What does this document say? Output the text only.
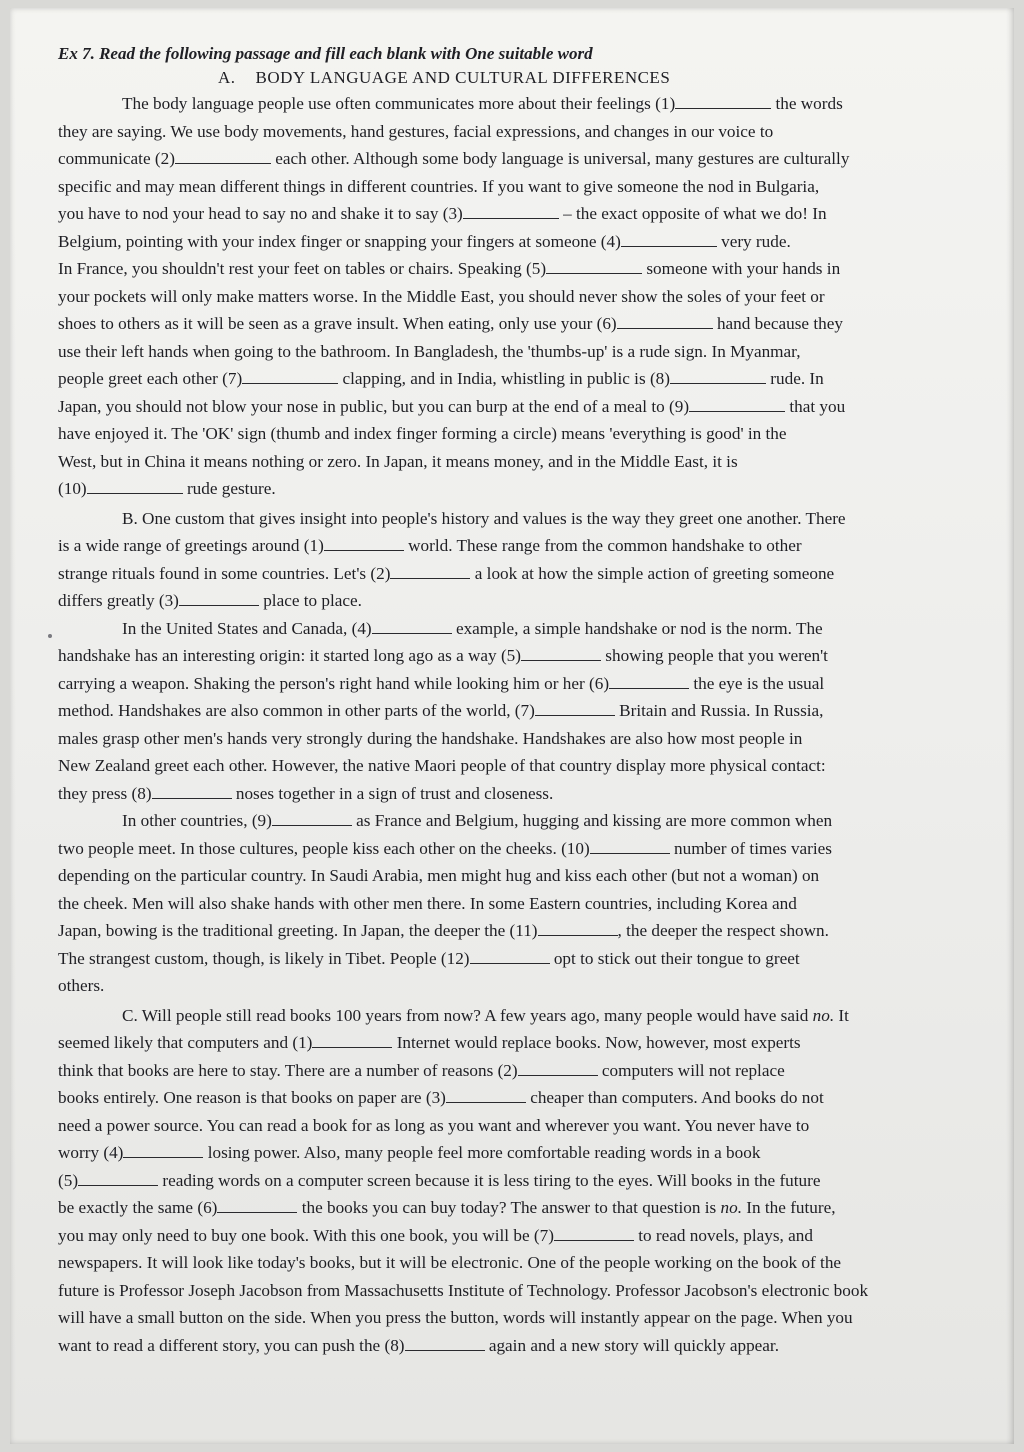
Ex 7. Read the following passage and fill each blank with One suitable word

A. BODY LANGUAGE AND CULTURAL DIFFERENCES

The body language people use often communicates more about their feelings (1)	the words
they are saying. We use body movements, hand gestures, facial expressions, and changes in our voice to
communicate (2)	each other. Although some body language is universal, many gestures are culturally
specific and may mean different things in different countries. If you want to give someone the nod in Bulgaria,
you have to nod your head to say no and shake it to say (3)	– the exact opposite of what we do! In
Belgium, pointing with your index finger or snapping your fingers at someone (4)	very rude.
In France, you shouldn't rest your feet on tables or chairs. Speaking (5)	someone with your hands in
your pockets will only make matters worse. In the Middle East, you should never show the soles of your feet or
shoes to others as it will be seen as a grave insult. When eating, only use your (6)	hand because they
use their left hands when going to the bathroom. In Bangladesh, the 'thumbs-up' is a rude sign. In Myanmar,
people greet each other (7)	clapping, and in India, whistling in public is (8)	rude. In
Japan, you should not blow your nose in public, but you can burp at the end of a meal to (9)	that you
have enjoyed it. The 'OK' sign (thumb and index finger forming a circle) means 'everything is good' in the
West, but in China it means nothing or zero. In Japan, it means money, and in the Middle East, it is
(10)	rude gesture.
B. One custom that gives insight into people's history and values is the way they greet one another. There
is a wide range of greetings around (1)	world. These range from the common handshake to other
strange rituals found in some countries. Let's (2)	a look at how the simple action of greeting someone
differs greatly (3)	place to place.
In the United States and Canada, (4)	example, a simple handshake or nod is the norm. The
handshake has an interesting origin: it started long ago as a way (5)	showing people that you weren't
carrying a weapon. Shaking the person's right hand while looking him or her (6)	the eye is the usual
method. Handshakes are also common in other parts of the world, (7)	Britain and Russia. In Russia,
males grasp other men's hands very strongly during the handshake. Handshakes are also how most people in
New Zealand greet each other. However, the native Maori people of that country display more physical contact:
they press (8)	noses together in a sign of trust and closeness.
In other countries, (9)	as France and Belgium, hugging and kissing are more common when
two people meet. In those cultures, people kiss each other on the cheeks. (10)	number of times varies
depending on the particular country. In Saudi Arabia, men might hug and kiss each other (but not a woman) on
the cheek. Men will also shake hands with other men there. In some Eastern countries, including Korea and
Japan, bowing is the traditional greeting. In Japan, the deeper the (11)	, the deeper the respect shown.
The strangest custom, though, is likely in Tibet. People (12)	opt to stick out their tongue to greet
others.
C. Will people still read books 100 years from now? A few years ago, many people would have said no. It
seemed likely that computers and (1)	Internet would replace books. Now, however, most experts
think that books are here to stay. There are a number of reasons (2)	computers will not replace
books entirely. One reason is that books on paper are (3)	cheaper than computers. And books do not
need a power source. You can read a book for as long as you want and wherever you want. You never have to
worry (4)	losing power. Also, many people feel more comfortable reading words in a book
(5)	reading words on a computer screen because it is less tiring to the eyes. Will books in the future
be exactly the same (6)	the books you can buy today? The answer to that question is no. In the future,
you may only need to buy one book. With this one book, you will be (7)	to read novels, plays, and
newspapers. It will look like today's books, but it will be electronic. One of the people working on the book of the
future is Professor Joseph Jacobson from Massachusetts Institute of Technology. Professor Jacobson's electronic book
will have a small button on the side. When you press the button, words will instantly appear on the page. When you
want to read a different story, you can push the (8)	again and a new story will quickly appear.
